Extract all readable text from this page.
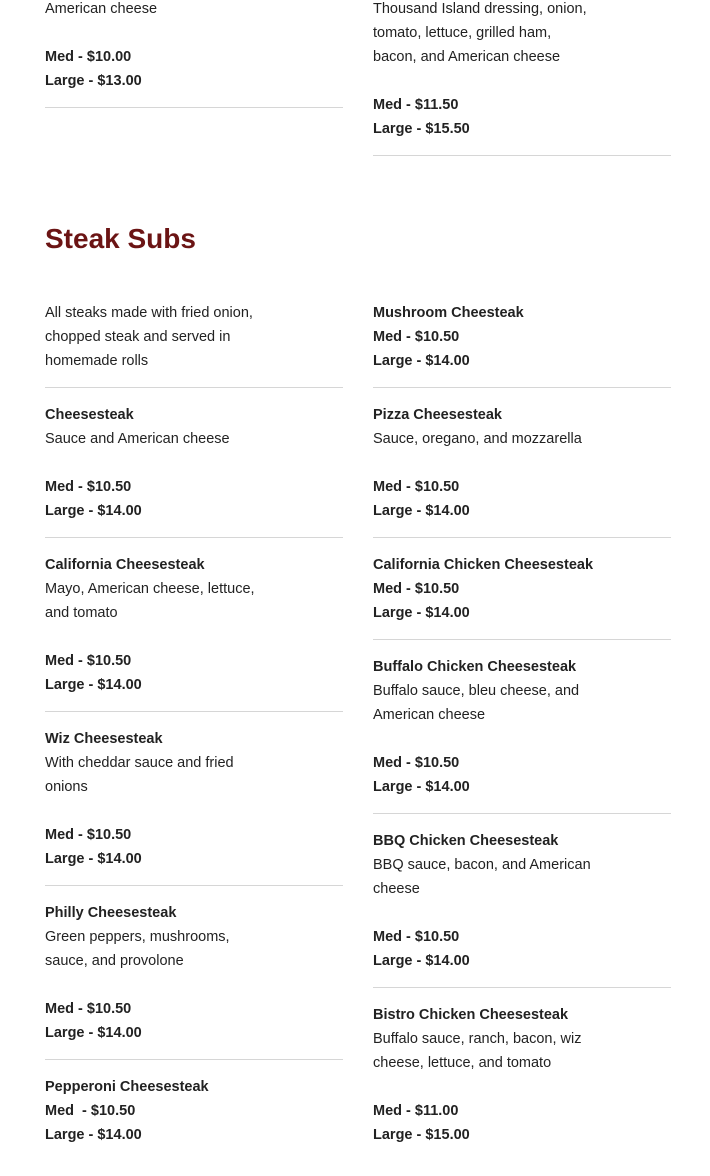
American cheese
Med - $10.00
Large - $13.00
Thousand Island dressing, onion,
tomato, lettuce, grilled ham,
bacon, and American cheese
Med - $11.50
Large - $15.50
Steak Subs
All steaks made with fried onion, chopped steak and served in homemade rolls
Cheesesteak
Sauce and American cheese
Med - $10.50
Large - $14.00
California Cheesesteak
Mayo, American cheese, lettuce, and tomato
Med - $10.50
Large - $14.00
Wiz Cheesesteak
With cheddar sauce and fried onions
Med - $10.50
Large - $14.00
Philly Cheesesteak
Green peppers, mushrooms, sauce, and provolone
Med - $10.50
Large - $14.00
Pepperoni Cheesesteak
Med  - $10.50
Large - $14.00
Mushroom Cheesteak
Med - $10.50
Large - $14.00
Pizza Cheesesteak
Sauce, oregano, and mozzarella
Med - $10.50
Large - $14.00
California Chicken Cheesesteak
Med - $10.50
Large - $14.00
Buffalo Chicken Cheesesteak
Buffalo sauce, bleu cheese, and American cheese
Med - $10.50
Large - $14.00
BBQ Chicken Cheesesteak
BBQ sauce, bacon, and American cheese
Med - $10.50
Large - $14.00
Bistro Chicken Cheesesteak
Buffalo sauce, ranch, bacon, wiz cheese, lettuce, and tomato
Med - $11.00
Large - $15.00
